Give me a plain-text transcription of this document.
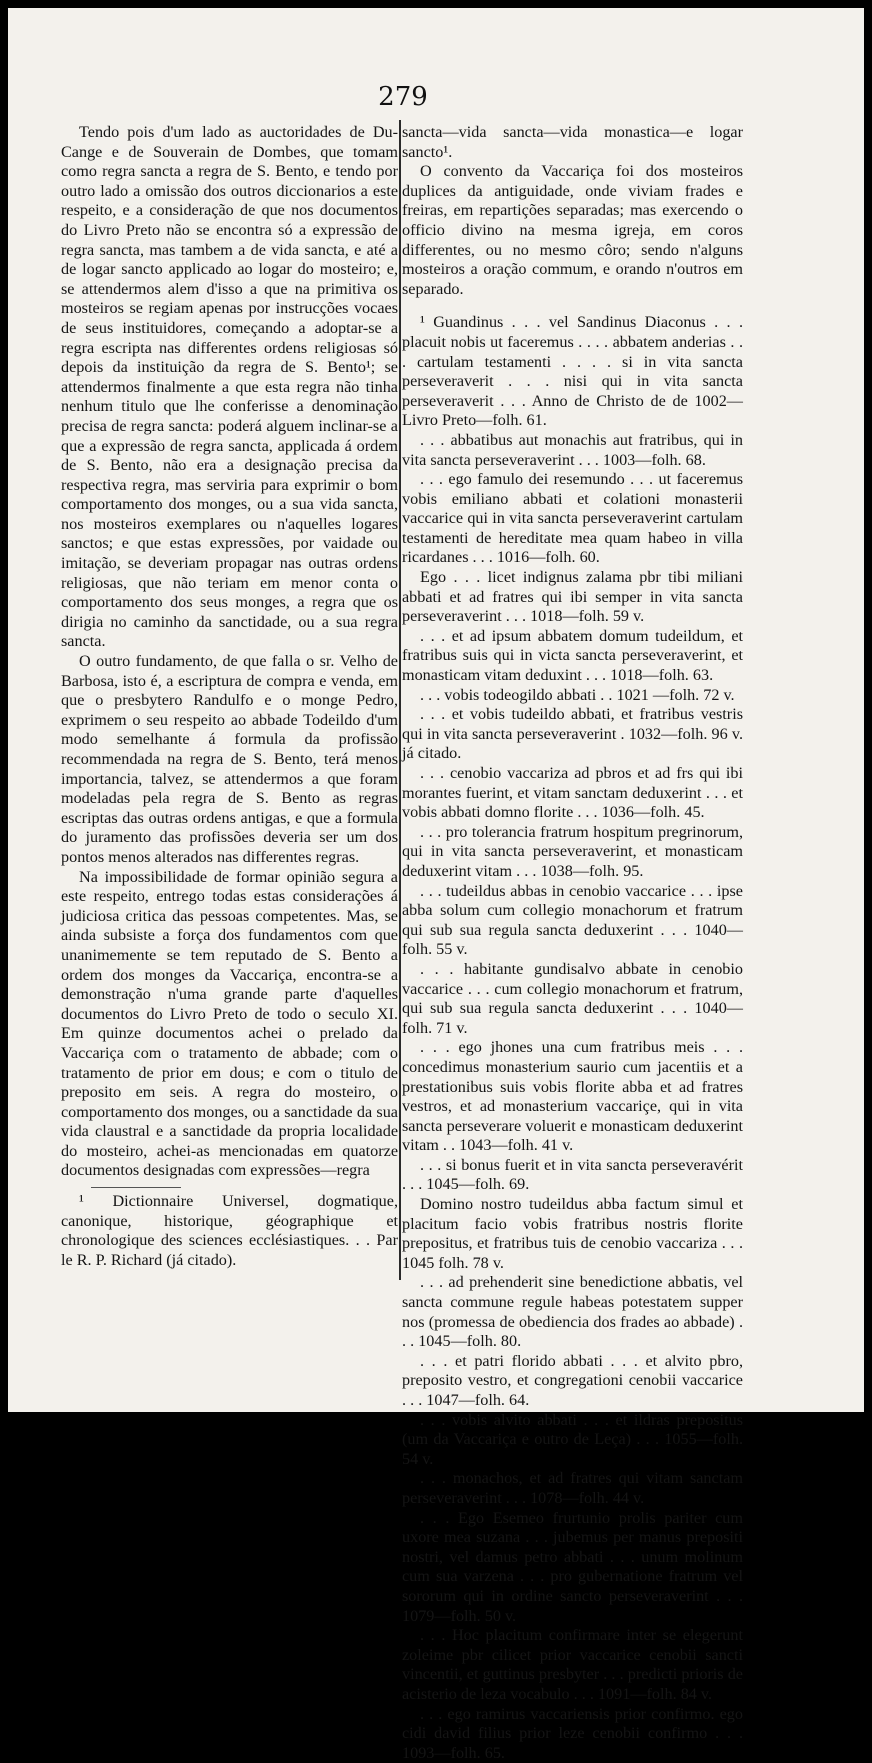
279

Tendo pois d'um lado as auctoridades de Du-Cange e de Souverain de Dombes, que tomam como regra sancta a regra de S. Bento, e tendo por outro lado a omissão dos outros diccionarios a este respeito, e a consideração de que nos documentos do Livro Preto não se encontra só a expressão de regra sancta, mas tambem a de vida sancta, e até a de logar sancto applicado ao logar do mosteiro; e, se attendermos alem d'isso a que na primitiva os mosteiros se regiam apenas por instrucções vocaes de seus instituidores, começando a adoptar-se a regra escripta nas differentes ordens religiosas só depois da instituição da regra de S. Bento¹; se attendermos finalmente a que esta regra não tinha nenhum titulo que lhe conferisse a denominação precisa de regra sancta: poderá alguem inclinar-se a que a expressão de regra sancta, applicada á ordem de S. Bento, não era a designação precisa da respectiva regra, mas serviria para exprimir o bom comportamento dos monges, ou a sua vida sancta, nos mosteiros exemplares ou n'aquelles logares sanctos; e que estas expressões, por vaidade ou imitação, se deveriam propagar nas outras ordens religiosas, que não teriam em menor conta o comportamento dos seus monges, a regra que os dirigia no caminho da sanctidade, ou a sua regra sancta.

O outro fundamento, de que falla o sr. Velho de Barbosa, isto é, a escriptura de compra e venda, em que o presbytero Randulfo e o monge Pedro, exprimem o seu respeito ao abbade Todeildo d'um modo semelhante á formula da profissão recommendada na regra de S. Bento, terá menos importancia, talvez, se attendermos a que foram modeladas pela regra de S. Bento as regras escriptas das outras ordens antigas, e que a formula do juramento das profissões deveria ser um dos pontos menos alterados nas differentes regras.

Na impossibilidade de formar opinião segura a este respeito, entrego todas estas considerações á judiciosa critica das pessoas competentes. Mas, se ainda subsiste a força dos fundamentos com que unanimemente se tem reputado de S. Bento a ordem dos monges da Vaccariça, encontra-se a demonstração n'uma grande parte d'aquelles documentos do Livro Preto de todo o seculo XI. Em quinze documentos achei o prelado da Vaccariça com o tratamento de abbade; com o tratamento de prior em dous; e com o titulo de preposito em seis. A regra do mosteiro, o comportamento dos monges, ou a sanctidade da sua vida claustral e a sanctidade da propria localidade do mosteiro, achei-as mencionadas em quatorze documentos designadas com expressões—regra

¹ Dictionnaire Universel, dogmatique, canonique, historique, géographique et chronologique des sciences ecclésiastiques. . . Par le R. P. Richard (já citado).

sancta—vida sancta—vida monastica—e logar sancto¹.

O convento da Vaccariça foi dos mosteiros duplices da antiguidade, onde viviam frades e freiras, em repartições separadas; mas exercendo o officio divino na mesma igreja, em coros differentes, ou no mesmo côro; sendo n'alguns mosteiros a oração commum, e orando n'outros em separado.

¹ Guandinus . . . vel Sandinus Diaconus . . . placuit nobis ut faceremus . . . . abbatem anderias . . . cartulam testamenti . . . . si in vita sancta perseveraverit . . . nisi qui in vita sancta perseveraverit . . . Anno de Christo de de 1002—Livro Preto—folh. 61.

. . . abbatibus aut monachis aut fratribus, qui in vita sancta perseveraverint . . . 1003—folh. 68.

. . . ego famulo dei resemundo . . . ut faceremus vobis emiliano abbati et colationi monasterii vaccarice qui in vita sancta perseveraverint cartulam testamenti de hereditate mea quam habeo in villa ricardanes . . . 1016—folh. 60.

Ego . . . licet indignus zalama pbr tibi miliani abbati et ad fratres qui ibi semper in vita sancta perseveraverint . . . 1018—folh. 59 v.

. . . et ad ipsum abbatem domum tudeildum, et fratribus suis qui in victa sancta perseveraverint, et monasticam vitam deduxint . . . 1018—folh. 63.

. . . vobis todeogildo abbati . . 1021 —folh. 72 v.

. . . et vobis tudeildo abbati, et fratribus vestris qui in vita sancta perseveraverint . 1032—folh. 96 v. já citado.

. . . cenobio vaccariza ad pbros et ad frs qui ibi morantes fuerint, et vitam sanctam deduxerint . . . et vobis abbati domno florite . . . 1036—folh. 45.

. . . pro tolerancia fratrum hospitum pregrinorum, qui in vita sancta perseveraverint, et monasticam deduxerint vitam . . . 1038—folh. 95.

. . . tudeildus abbas in cenobio vaccarice . . . ipse abba solum cum collegio monachorum et fratrum qui sub sua regula sancta deduxerint . . . 1040—folh. 55 v.

. . . habitante gundisalvo abbate in cenobio vaccarice . . . cum collegio monachorum et fratrum, qui sub sua regula sancta deduxerint . . . 1040—folh. 71 v.

. . . ego jhones una cum fratribus meis . . . concedimus monasterium saurio cum jacentiis et a prestationibus suis vobis florite abba et ad fratres vestros, et ad monasterium vaccariçe, qui in vita sancta perseverare voluerit e monasticam deduxerint vitam . . 1043—folh. 41 v.

. . . si bonus fuerit et in vita sancta perseveravérit . . . 1045—folh. 69.

Domino nostro tudeildus abba factum simul et placitum facio vobis fratribus nostris florite prepositus, et fratribus tuis de cenobio vaccariza . . . 1045 folh. 78 v.

. . . ad prehenderit sine benedictione abbatis, vel sancta commune regule habeas potestatem supper nos (promessa de obediencia dos frades ao abbade) . . . 1045—folh. 80.

. . . et patri florido abbati . . . et alvito pbro, preposito vestro, et congregationi cenobii vaccarice . . . 1047—folh. 64.

. . . vobis alvito abbati . . . et ildras prepositus (um da Vaccariça e outro de Leça) . . . 1055—folh. 54 v.

. . . monachos, et ad fratres qui vitam sanctam perseveraverint . . . 1078—folh. 44 v.

. . . Ego Esemeo frurtunio prolis pariter cum uxore mea suzana . . . jubemus per manus prepositi nostri, vel damus petro abbati . . . unum molinum cum sua varzena . . . pro gubernatione fratrum vel sororum qui in ordine sancto perseveraverint . . . 1079—folh. 50 v.

. . . Hoc placitum confirmare inter se elegerunt zoleime pbr cilicet prior vaccarice cenobii sancti vincentii, et guttinus presbyter . . . predicti prioris de acisterio de leza vocabulo . . . 1091—folh. 84 v.

. . . ego ramirus vaccariensis prior confirmo. ego cidi david filius prior leze cenobii confirmo . . . 1093—folh. 65.
